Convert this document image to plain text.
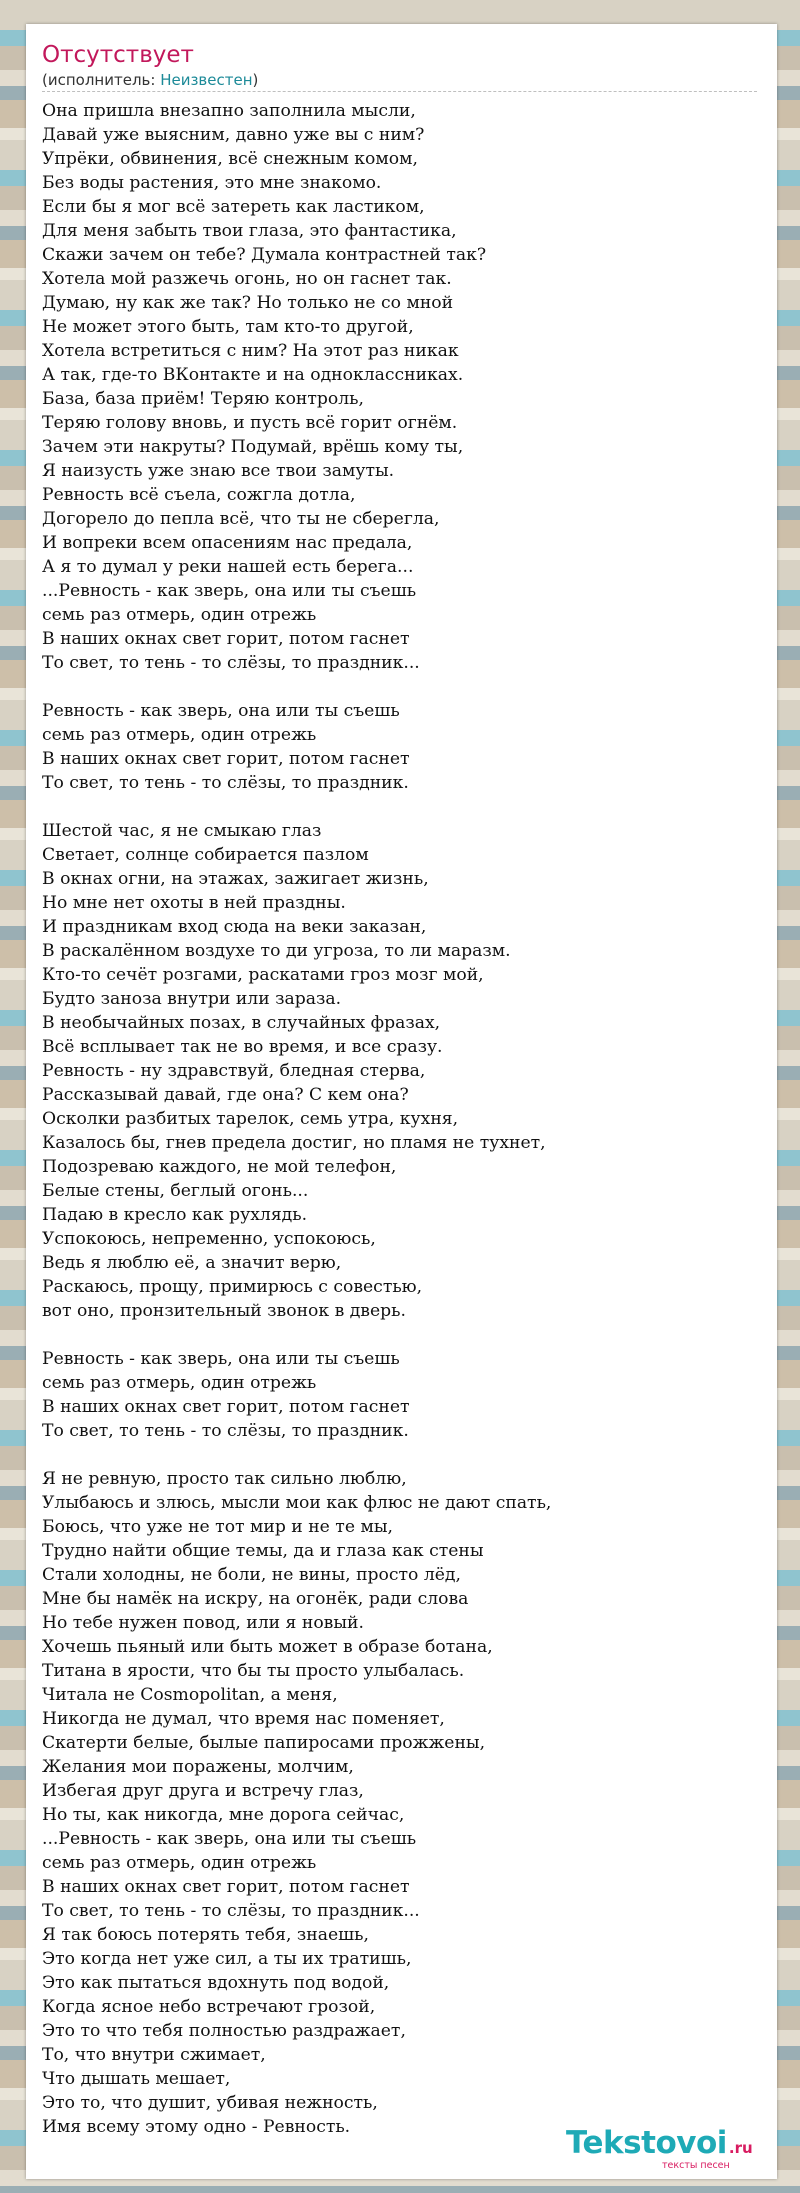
Отсутствует
(исполнитель: Неизвестен)
Она пришла внезапно заполнила мысли,
Давай уже выясним, давно уже вы с ним?
Упрёки, обвинения, всё снежным комом,
Без воды растения, это мне знакомо.
Если бы я мог всё затереть как ластиком,
Для меня забыть твои глаза, это фантастика,
Скажи зачем он тебе? Думала контрастней так?
Хотела мой разжечь огонь, но он гаснет так.
Думаю, ну как же так? Но только не со мной
Не может этого быть, там кто-то другой,
Хотела встретиться с ним? На этот раз никак
А так, где-то ВКонтакте и на одноклассниках.
База, база приём! Теряю контроль,
Теряю голову вновь, и пусть всё горит огнём.
Зачем эти накруты? Подумай, врёшь кому ты,
Я наизусть уже знаю все твои замуты.
Ревность всё съела, сожгла дотла,
Догорело до пепла всё, что ты не сберегла,
И вопреки всем опасениям нас предала,
А я то думал у реки нашей есть берега...
...Ревность - как зверь, она или ты съешь
семь раз отмерь, один отрежь
В наших окнах свет горит, потом гаснет
То свет, то тень - то слёзы, то праздник...

Ревность - как зверь, она или ты съешь
семь раз отмерь, один отрежь
В наших окнах свет горит, потом гаснет
То свет, то тень - то слёзы, то праздник.

Шестой час, я не смыкаю глаз
Светает, солнце собирается пазлом
В окнах огни, на этажах, зажигает жизнь,
Но мне нет охоты в ней праздны.
И праздникам вход сюда на веки заказан,
В раскалённом воздухе то ди угроза, то ли маразм.
Кто-то сечёт розгами, раскатами гроз мозг мой,
Будто заноза внутри или зараза.
В необычайных позах, в случайных фразах,
Всё всплывает так не во время, и все сразу.
Ревность - ну здравствуй, бледная стерва,
Рассказывай давай, где она? С кем она?
Осколки разбитых тарелок, семь утра, кухня,
Казалось бы, гнев предела достиг, но пламя не тухнет,
Подозреваю каждого, не мой телефон,
Белые стены, беглый огонь...
Падаю в кресло как рухлядь.
Успокоюсь, непременно, успокоюсь,
Ведь я люблю её, а значит верю,
Раскаюсь, прощу, примирюсь с совестью,
вот оно, пронзительный звонок в дверь.

Ревность - как зверь, она или ты съешь
семь раз отмерь, один отрежь
В наших окнах свет горит, потом гаснет
То свет, то тень - то слёзы, то праздник.

Я не ревную, просто так сильно люблю,
Улыбаюсь и злюсь, мысли мои как флюс не дают спать,
Боюсь, что уже не тот мир и не те мы,
Трудно найти общие темы, да и глаза как стены
Стали холодны, не боли, не вины, просто лёд,
Мне бы намёк на искру, на огонёк, ради слова
Но тебе нужен повод, или я новый.
Хочешь пьяный или быть может в образе ботана,
Титана в ярости, что бы ты просто улыбалась.
Читала не Cosmopolitan, а меня,
Никогда не думал, что время нас поменяет,
Скатерти белые, былые папиросами прожжены,
Желания мои поражены, молчим,
Избегая друг друга и встречу глаз,
Но ты, как никогда, мне дорога сейчас,
...Ревность - как зверь, она или ты съешь
семь раз отмерь, один отрежь
В наших окнах свет горит, потом гаснет
То свет, то тень - то слёзы, то праздник...
Я так боюсь потерять тебя, знаешь,
Это когда нет уже сил, а ты их тратишь,
Это как пытаться вдохнуть под водой,
Когда ясное небо встречают грозой,
Это то что тебя полностью раздражает,
То, что внутри сжимает,
Что дышать мешает,
Это то, что душит, убивая нежность,
Имя всему этому одно - Ревность.	Tekstovoi .ru
тексты песен
